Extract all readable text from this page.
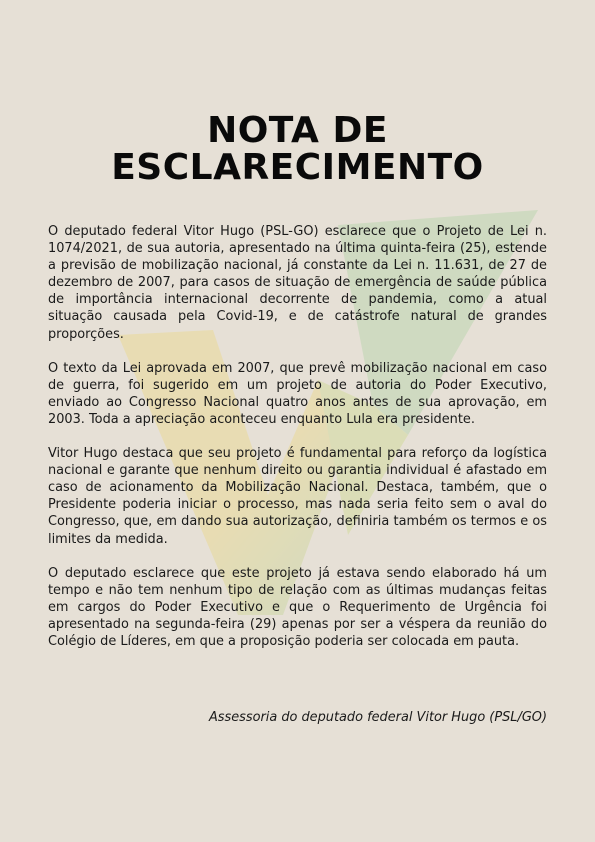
NOTA DE
ESCLARECIMENTO

O deputado federal Vitor Hugo (PSL-GO) esclarece que o Projeto de Lei n. 1074/2021, de sua autoria, apresentado na última quinta-feira (25), estende a previsão de mobilização nacional, já constante da Lei n. 11.631, de 27 de dezembro de 2007, para casos de situação de emergência de saúde pública de importância internacional decorrente de pandemia, como a atual situação causada pela Covid-19, e de catástrofe natural de grandes proporções.

O texto da Lei aprovada em 2007, que prevê mobilização nacional em caso de guerra, foi sugerido em um projeto de autoria do Poder Executivo, enviado ao Congresso Nacional quatro anos antes de sua aprovação, em 2003. Toda a apreciação aconteceu enquanto Lula era presidente.

Vitor Hugo destaca que seu projeto é fundamental para reforço da logística nacional e garante que nenhum direito ou garantia individual é afastado em caso de acionamento da Mobilização Nacional. Destaca, também, que o Presidente poderia iniciar o processo, mas nada seria feito sem o aval do Congresso, que, em dando sua autorização, definiria também os termos e os limites da medida.

O deputado esclarece que este projeto já estava sendo elaborado há um tempo e não tem nenhum tipo de relação com as últimas mudanças feitas em cargos do Poder Executivo e que o Requerimento de Urgência foi apresentado na segunda-feira (29) apenas por ser a véspera da reunião do Colégio de Líderes, em que a proposição poderia ser colocada em pauta.

Assessoria do deputado federal Vitor Hugo (PSL/GO)
